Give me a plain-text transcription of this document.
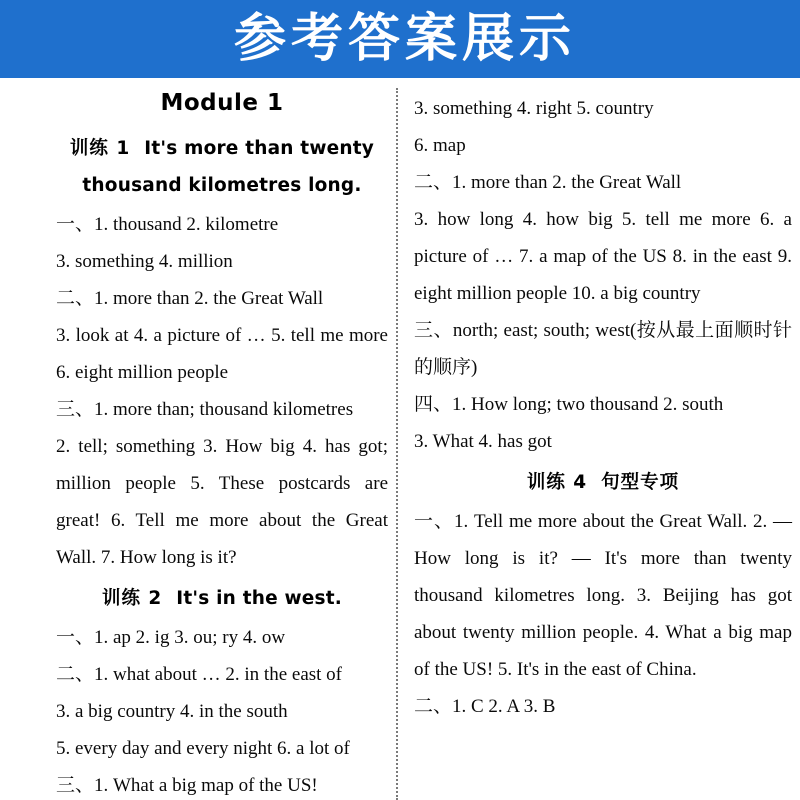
参考答案展示
Module 1
训练 1 It's more than twenty thousand kilometres long.

一、1. thousand 2. kilometre

3. something 4. million

二、1. more than 2. the Great Wall

3. look at 4. a picture of … 5. tell me more 6. eight million people

三、1. more than; thousand kilometres

2. tell; something 3. How big 4. has got; million people 5. These postcards are great! 6. Tell me more about the Great Wall. 7. How long is it?

训练 2 It's in the west.

一、1. ap 2. ig 3. ou; ry 4. ow

二、1. what about … 2. in the east of

3. a big country 4. in the south

5. every day and every night 6. a lot of

三、1. What a big map of the US!

3. something 4. right 5. country

6. map

二、1. more than 2. the Great Wall

3. how long 4. how big 5. tell me more 6. a picture of … 7. a map of the US 8. in the east 9. eight million people 10. a big country

三、north; east; south; west(按从最上面顺时针的顺序)

四、1. How long; two thousand 2. south

3. What 4. has got

训练 4 句型专项

一、1. Tell me more about the Great Wall. 2. — How long is it? — It's more than twenty thousand kilometres long. 3. Beijing has got about twenty million people. 4. What a big map of the US! 5. It's in the east of China.

二、1. C 2. A 3. B
